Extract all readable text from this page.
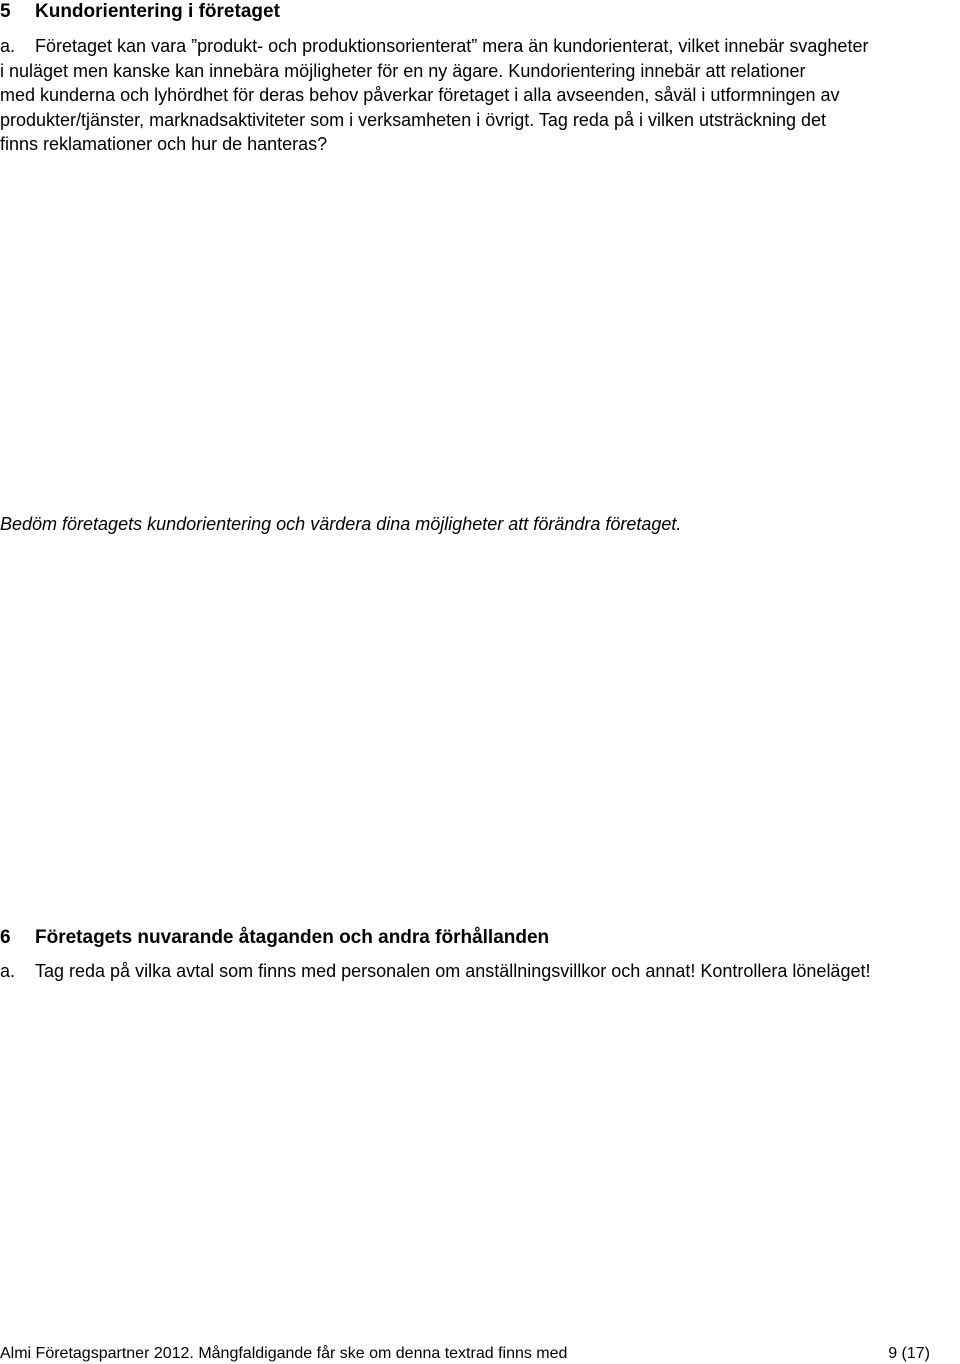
5 Kundorientering i företaget
a.	Företaget kan vara ”produkt- och produktionsorienterat” mera än kundorienterat, vilket innebär svagheter
i nuläget men kanske kan innebära möjligheter för en ny ägare. Kundorientering innebär att relationer
med kunderna och lyhördhet för deras behov påverkar företaget i alla avseenden, såväl i utformningen av
produkter/tjänster, marknadsaktiviteter som i verksamheten i övrigt. Tag reda på i vilken utsträckning det
finns reklamationer och hur de hanteras?
Bedöm företagets kundorientering och värdera dina möjligheter att förändra företaget.
6 Företagets nuvarande åtaganden och andra förhållanden
a.	Tag reda på vilka avtal som finns med personalen om anställningsvillkor och annat! Kontrollera löneläget!
Almi Företagspartner 2012. Mångfaldigande får ske om denna textrad finns med	9 (17)
